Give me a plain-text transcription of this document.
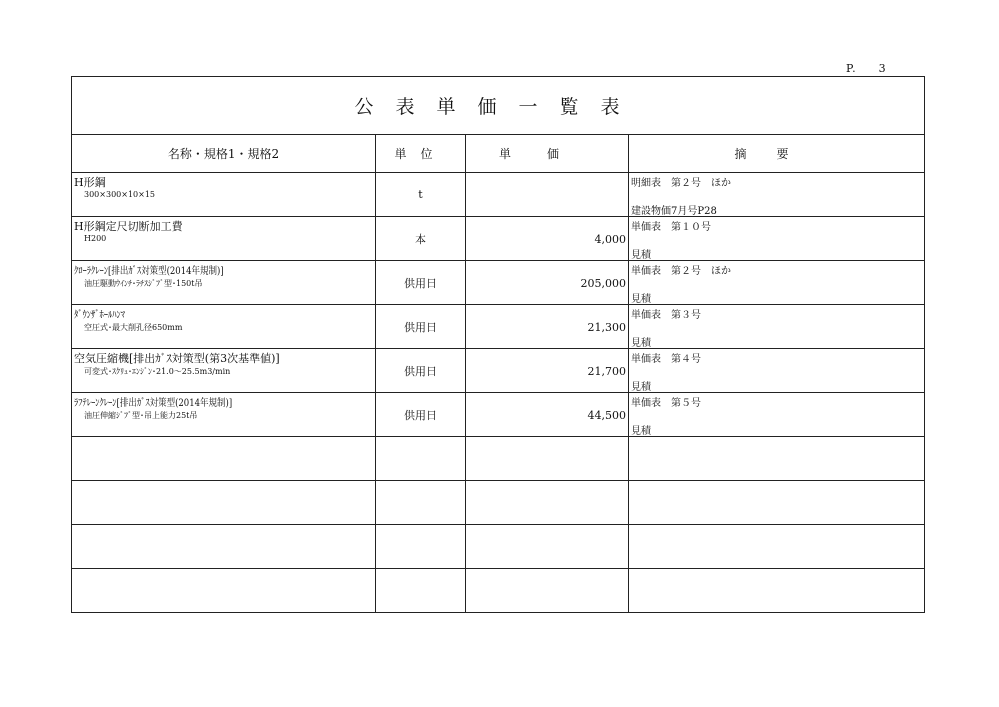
P. 3
公表単価一覧表			
名称・規格1・規格2	単位	単価	摘要

H形鋼
300×300×10×15	t		明細表　第２号　ほか
建設物価7月号P28

H形鋼定尺切断加工費
H200	本	4,000	単価表　第１０号
見積

ｸﾛｰﾗｸﾚｰﾝ[排出ｶﾞｽ対策型(2014年規制)]
油圧駆動ｳｲﾝﾁ･ﾗﾁｽｼﾞﾌﾞ型･150t吊	供用日	205,000	単価表　第２号　ほか
見積

ﾀﾞｳﾝｻﾞﾎｰﾙﾊﾝﾏ
空圧式･最大削孔径650mm	供用日	21,300	単価表　第３号
見積

空気圧縮機[排出ｶﾞｽ対策型(第3次基準値)]
可変式･ｽｸﾘｭ･ｴﾝｼﾞﾝ･21.0～25.5m3/min	供用日	21,700	単価表　第４号
見積

ﾗﾌﾃﾚｰﾝｸﾚｰﾝ[排出ｶﾞｽ対策型(2014年規制)]
油圧伸縮ｼﾞﾌﾞ型･吊上能力25t吊	供用日	44,500	単価表　第５号
見積
